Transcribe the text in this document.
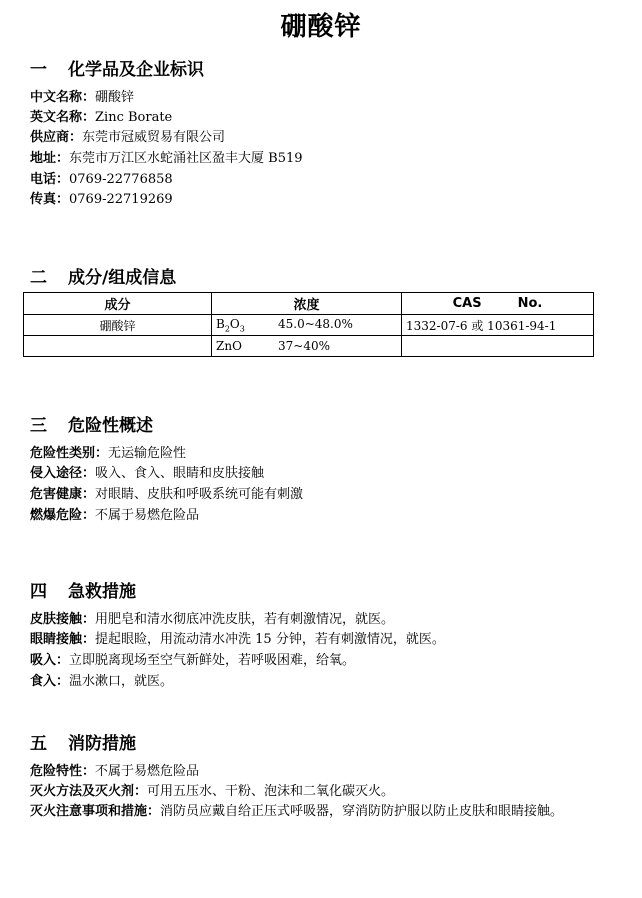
硼酸锌
一 化学品及企业标识
中文名称：硼酸锌
英文名称：Zinc Borate
供应商：东莞市冠威贸易有限公司
地址：东莞市万江区水蛇涌社区盈丰大厦 B519
电话：0769-22776858
传真：0769-22719269
二 成分/组成信息
成分	浓度	CAS No.
硼酸锌	$B_2O_3$ 45.0~48.0%	1332-07-6 或 10361-94-1
	ZnO 37~40%	
三 危险性概述
危险性类别：无运输危险性
侵入途径：吸入、食入、眼睛和皮肤接触
危害健康：对眼睛、皮肤和呼吸系统可能有刺激
燃爆危险：不属于易燃危险品
四 急救措施
皮肤接触：用肥皂和清水彻底冲洗皮肤，若有刺激情况，就医。
眼睛接触：提起眼睑，用流动清水冲洗 15 分钟，若有刺激情况，就医。
吸入：立即脱离现场至空气新鲜处，若呼吸困难，给氧。
食入：温水漱口，就医。
五 消防措施
危险特性：不属于易燃危险品
灭火方法及灭火剂：可用五压水、干粉、泡沫和二氧化碳灭火。
灭火注意事项和措施：消防员应戴自给正压式呼吸器，穿消防防护服以防止皮肤和眼睛接触。
